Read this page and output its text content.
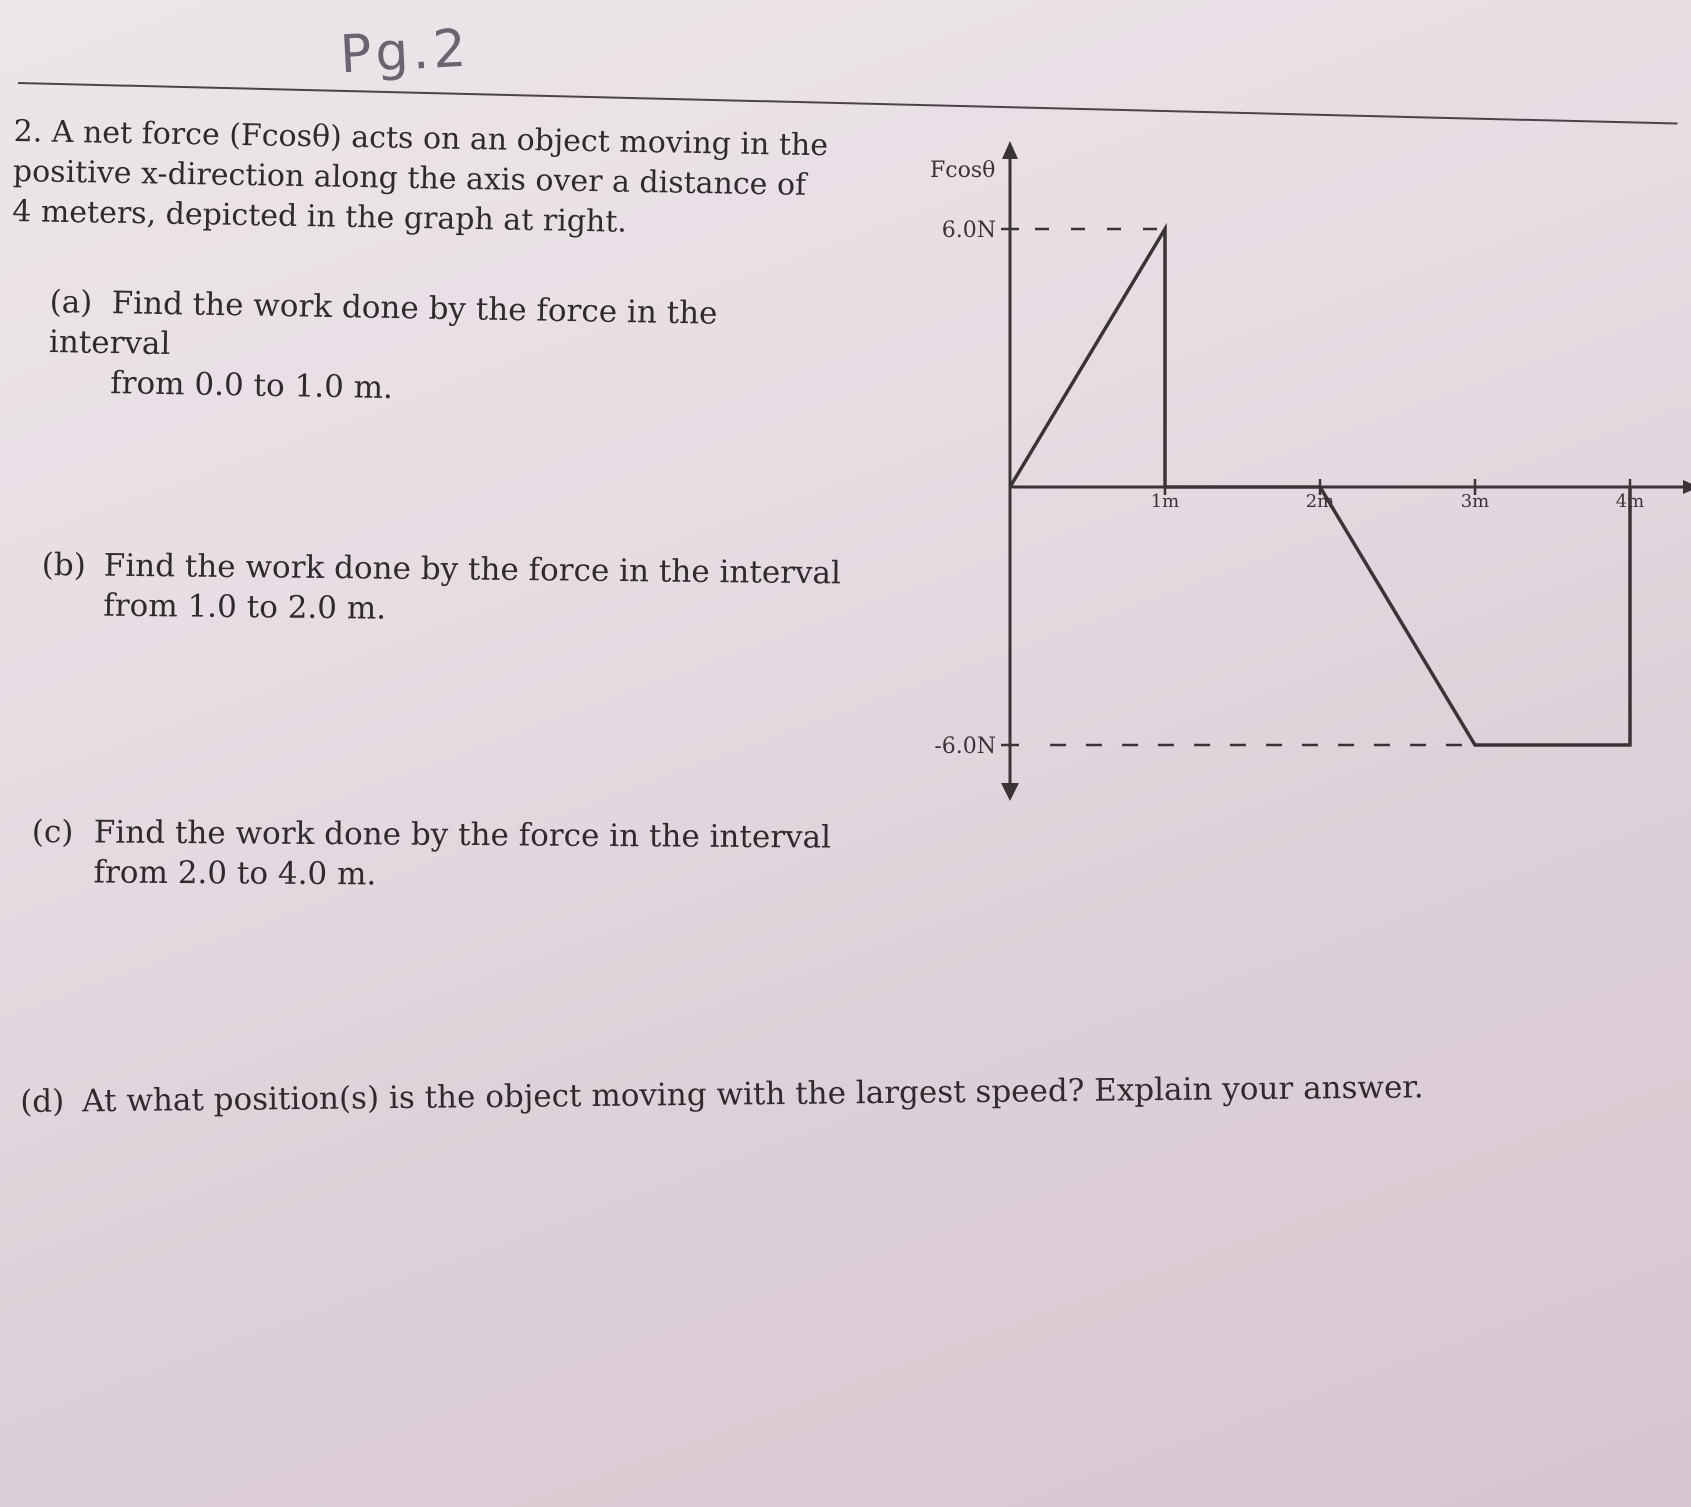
Pg.2

2. A net force (Fcosθ) acts on an object moving in the positive x-direction along the axis over a distance of 4 meters, depicted in the graph at right.

(a) Find the work done by the force in the interval
from 0.0 to 1.0 m.

(b) Find the work done by the force in the interval
from 1.0 to 2.0 m.

(c) Find the work done by the force in the interval
from 2.0 to 4.0 m.

(d) At what position(s) is the object moving with the largest speed? Explain your answer.

Fcosθ
6.0N
-6.0N
1m	2m	3m	4m
